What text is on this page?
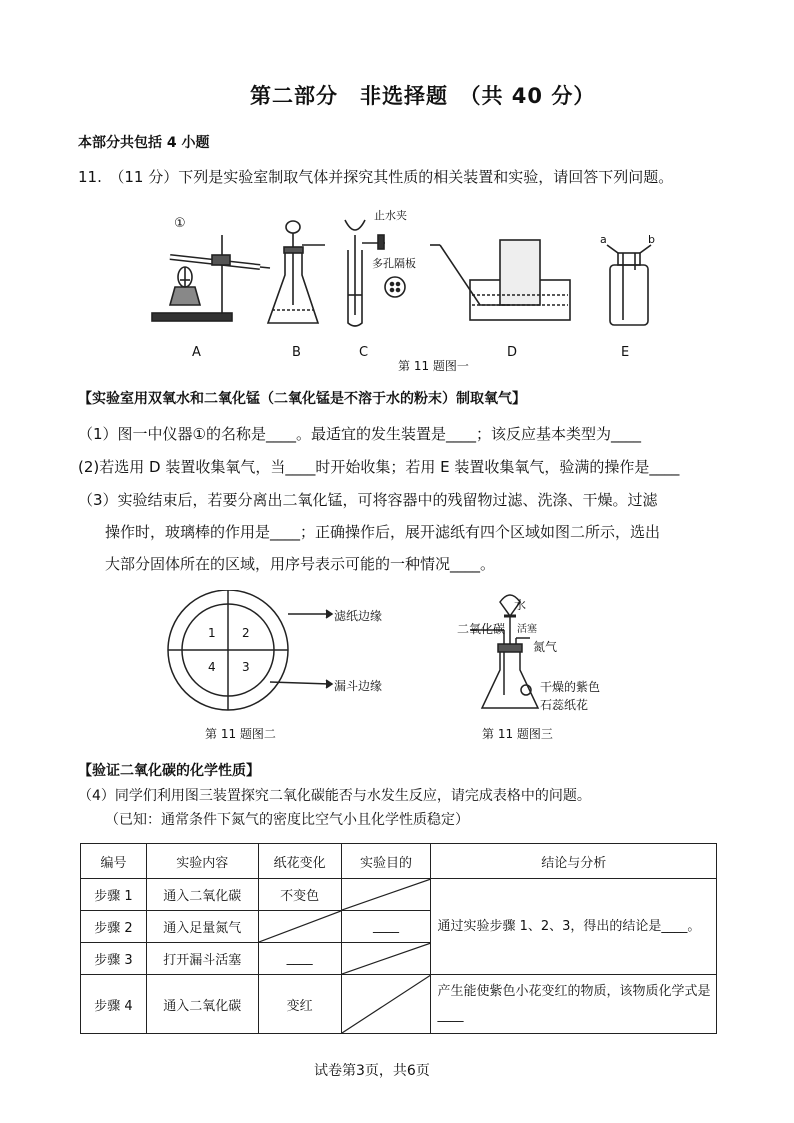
第二部分　非选择题　（共 40 分）
本部分共包括 4 小题
11.　（11 分）下列是实验室制取气体并探究其性质的相关装置和实验，请回答下列问题。
①
止水夹
多孔隔板
a	b
A	B	C	D	E
第 11 题图一
【实验室用双氧水和二氧化锰（二氧化锰是不溶于水的粉末）制取氧气】
（1）图一中仪器①的名称是____。最适宜的发生装置是____；该反应基本类型为____
(2)若选用 D 装置收集氧气，当____时开始收集；若用 E 装置收集氧气，验满的操作是____
（3）实验结束后，若要分离出二氧化锰，可将容器中的残留物过滤、洗涤、干燥。过滤
操作时，玻璃棒的作用是____；正确操作后，展开滤纸有四个区域如图二所示，选出
大部分固体所在的区域，用序号表示可能的一种情况____。
1 2
4 3
滤纸边缘
漏斗边缘
第 11 题图二
水
二氧化碳 活塞
氮气
干燥的紫色
石蕊纸花
第 11 题图三
【验证二氧化碳的化学性质】
（4）同学们利用图三装置探究二氧化碳能否与水发生反应，请完成表格中的问题。
（已知：通常条件下氮气的密度比空气小且化学性质稳定）
编号	实验内容	纸花变化	实验目的	结论与分析
步骤 1	通入二氧化碳	不变色		通过实验步骤 1、2、3，得出的结论是____。
步骤 2	通入足量氮气		____	
步骤 3	打开漏斗活塞	____	

步骤 4	通入二氧化碳	变红		产生能使紫色小花变红的物质，该物质化学式是____
试卷第3页，共6页
